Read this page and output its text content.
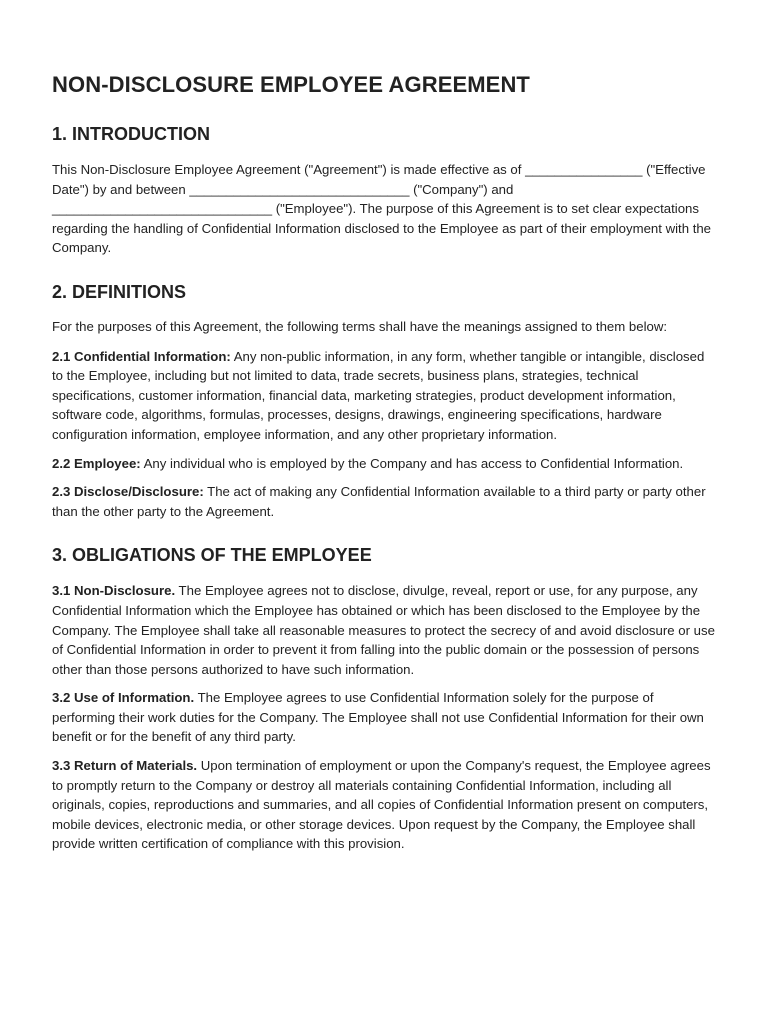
NON-DISCLOSURE EMPLOYEE AGREEMENT
1. INTRODUCTION

This Non-Disclosure Employee Agreement ("Agreement") is made effective as of ________________ ("Effective Date") by and between ______________________________ ("Company") and ______________________________ ("Employee"). The purpose of this Agreement is to set clear expectations regarding the handling of Confidential Information disclosed to the Employee as part of their employment with the Company.

2. DEFINITIONS

For the purposes of this Agreement, the following terms shall have the meanings assigned to them below:

2.1 Confidential Information: Any non-public information, in any form, whether tangible or intangible, disclosed to the Employee, including but not limited to data, trade secrets, business plans, strategies, technical specifications, customer information, financial data, marketing strategies, product development information, software code, algorithms, formulas, processes, designs, drawings, engineering specifications, hardware configuration information, employee information, and any other proprietary information.

2.2 Employee: Any individual who is employed by the Company and has access to Confidential Information.

2.3 Disclose/Disclosure: The act of making any Confidential Information available to a third party or party other than the other party to the Agreement.

3. OBLIGATIONS OF THE EMPLOYEE

3.1 Non-Disclosure. The Employee agrees not to disclose, divulge, reveal, report or use, for any purpose, any Confidential Information which the Employee has obtained or which has been disclosed to the Employee by the Company. The Employee shall take all reasonable measures to protect the secrecy of and avoid disclosure or use of Confidential Information in order to prevent it from falling into the public domain or the possession of persons other than those persons authorized to have such information.

3.2 Use of Information. The Employee agrees to use Confidential Information solely for the purpose of performing their work duties for the Company. The Employee shall not use Confidential Information for their own benefit or for the benefit of any third party.

3.3 Return of Materials. Upon termination of employment or upon the Company's request, the Employee agrees to promptly return to the Company or destroy all materials containing Confidential Information, including all originals, copies, reproductions and summaries, and all copies of Confidential Information present on computers, mobile devices, electronic media, or other storage devices. Upon request by the Company, the Employee shall provide written certification of compliance with this provision.
